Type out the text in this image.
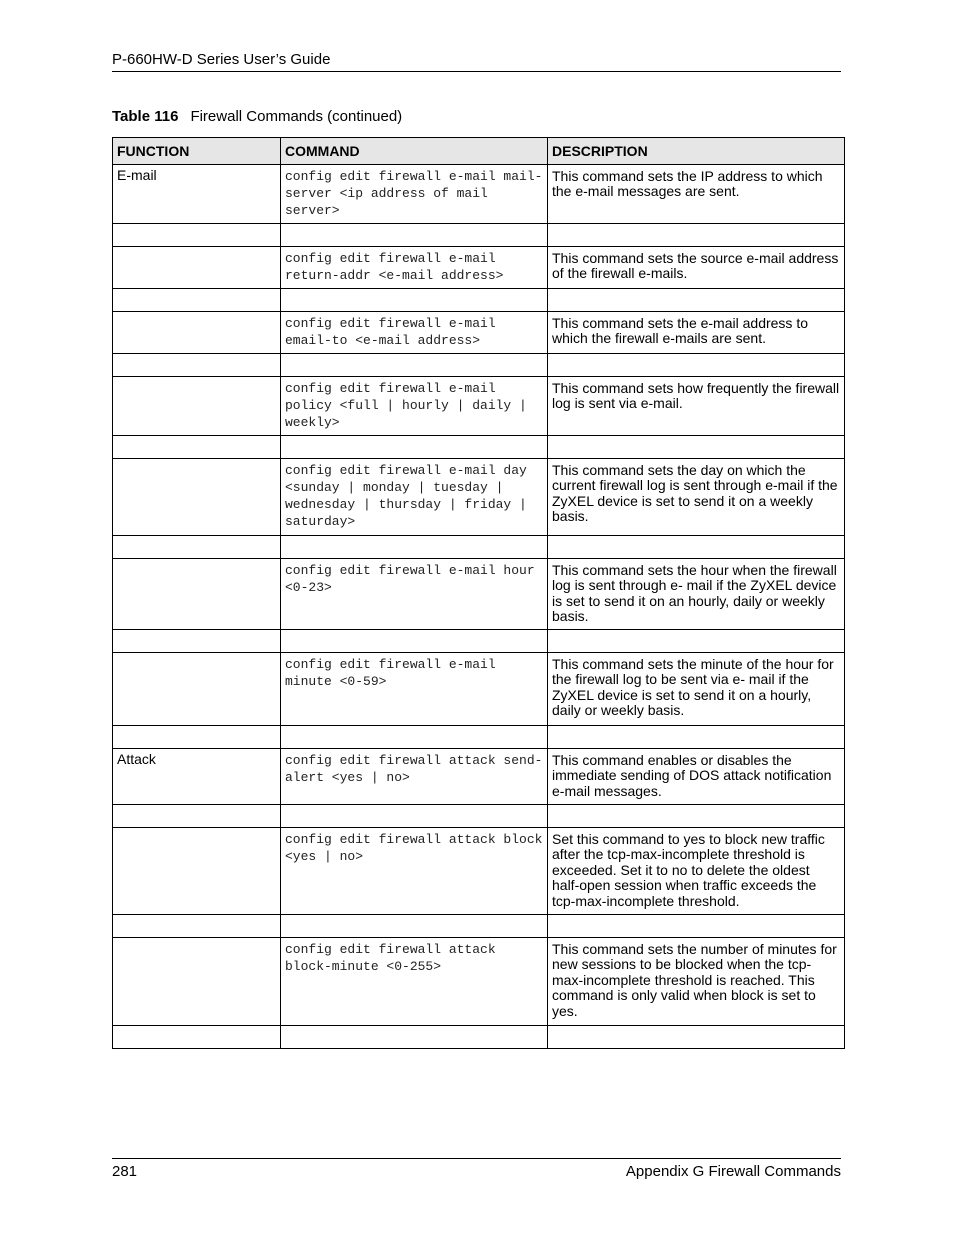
P-660HW-D Series User’s Guide
Table 116 Firewall Commands (continued)
FUNCTION	COMMAND	DESCRIPTION
E-mail	config edit firewall e-mail mail-server <ip address of mail server>	This command sets the IP address to which the e-mail messages are sent.

	config edit firewall e-mail return-addr <e-mail address>	This command sets the source e-mail address of the firewall e-mails.

	config edit firewall e-mail email-to <e-mail address>	This command sets the e-mail address to which the firewall e-mails are sent.

	config edit firewall e-mail policy <full | hourly | daily | weekly>	This command sets how frequently the firewall log is sent via e-mail.

	config edit firewall e-mail day <sunday | monday | tuesday | wednesday | thursday | friday | saturday>	This command sets the day on which the current firewall log is sent through e-mail if the ZyXEL device is set to send it on a weekly basis.

	config edit firewall e-mail hour <0-23>	This command sets the hour when the firewall log is sent through e- mail if the ZyXEL device is set to send it on an hourly, daily or weekly basis.

	config edit firewall e-mail minute <0-59>	This command sets the minute of the hour for the firewall log to be sent via e- mail if the ZyXEL device is set to send it on a hourly, daily or weekly basis.

Attack	config edit firewall attack send-alert <yes | no>	This command enables or disables the immediate sending of DOS attack notification e-mail messages.

	config edit firewall attack block <yes | no>	Set this command to yes to block new traffic after the tcp-max-incomplete threshold is exceeded. Set it to no to delete the oldest half-open session when traffic exceeds the tcp-max-incomplete threshold.

	config edit firewall attack block-minute <0-255>	This command sets the number of minutes for new sessions to be blocked when the tcp-max-incomplete threshold is reached. This command is only valid when block is set to yes.

281	Appendix G Firewall Commands
